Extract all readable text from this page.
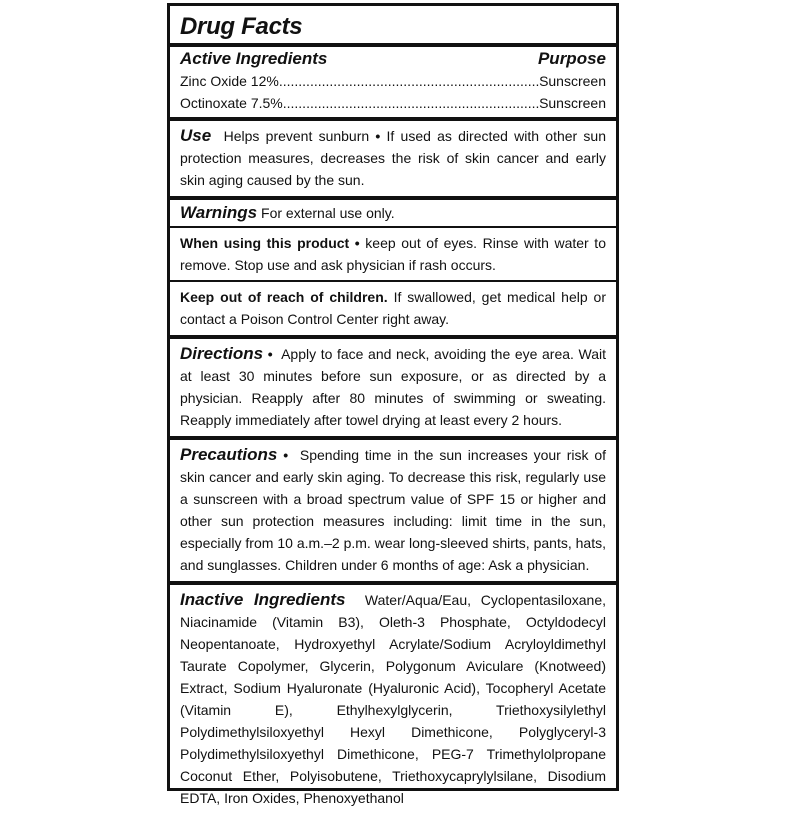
Drug Facts
Active Ingredients	Purpose
Zinc Oxide 12% .....	Sunscreen
Octinoxate 7.5% .....	Sunscreen
Use Helps prevent sunburn • If used as directed with other sun protection measures, decreases the risk of skin cancer and early skin aging caused by the sun.
Warnings For external use only.
When using this product • keep out of eyes. Rinse with water to remove. Stop use and ask physician if rash occurs.
Keep out of reach of children. If swallowed, get medical help or contact a Poison Control Center right away.
Directions • Apply to face and neck, avoiding the eye area. Wait at least 30 minutes before sun exposure, or as directed by a physician. Reapply after 80 minutes of swimming or sweating. Reapply immediately after towel drying at least every 2 hours.
Precautions • Spending time in the sun increases your risk of skin cancer and early skin aging. To decrease this risk, regularly use a sunscreen with a broad spectrum value of SPF 15 or higher and other sun protection measures including: limit time in the sun, especially from 10 a.m.–2 p.m. wear long-sleeved shirts, pants, hats, and sunglasses. Children under 6 months of age: Ask a physician.
Inactive Ingredients Water/Aqua/Eau, Cyclopentasiloxane, Niacinamide (Vitamin B3), Oleth-3 Phosphate, Octyldodecyl Neopentanoate, Hydroxyethyl Acrylate/Sodium Acryloyldimethyl Taurate Copolymer, Glycerin, Polygonum Aviculare (Knotweed) Extract, Sodium Hyaluronate (Hyaluronic Acid), Tocopheryl Acetate (Vitamin E), Ethylhexylglycerin, Triethoxysilylethyl Polydimethylsiloxyethyl Hexyl Dimethicone, Polyglyceryl-3 Polydimethylsiloxyethyl Dimethicone, PEG-7 Trimethylolpropane Coconut Ether, Polyisobutene, Triethoxycaprylylsilane, Disodium EDTA, Iron Oxides, Phenoxyethanol
